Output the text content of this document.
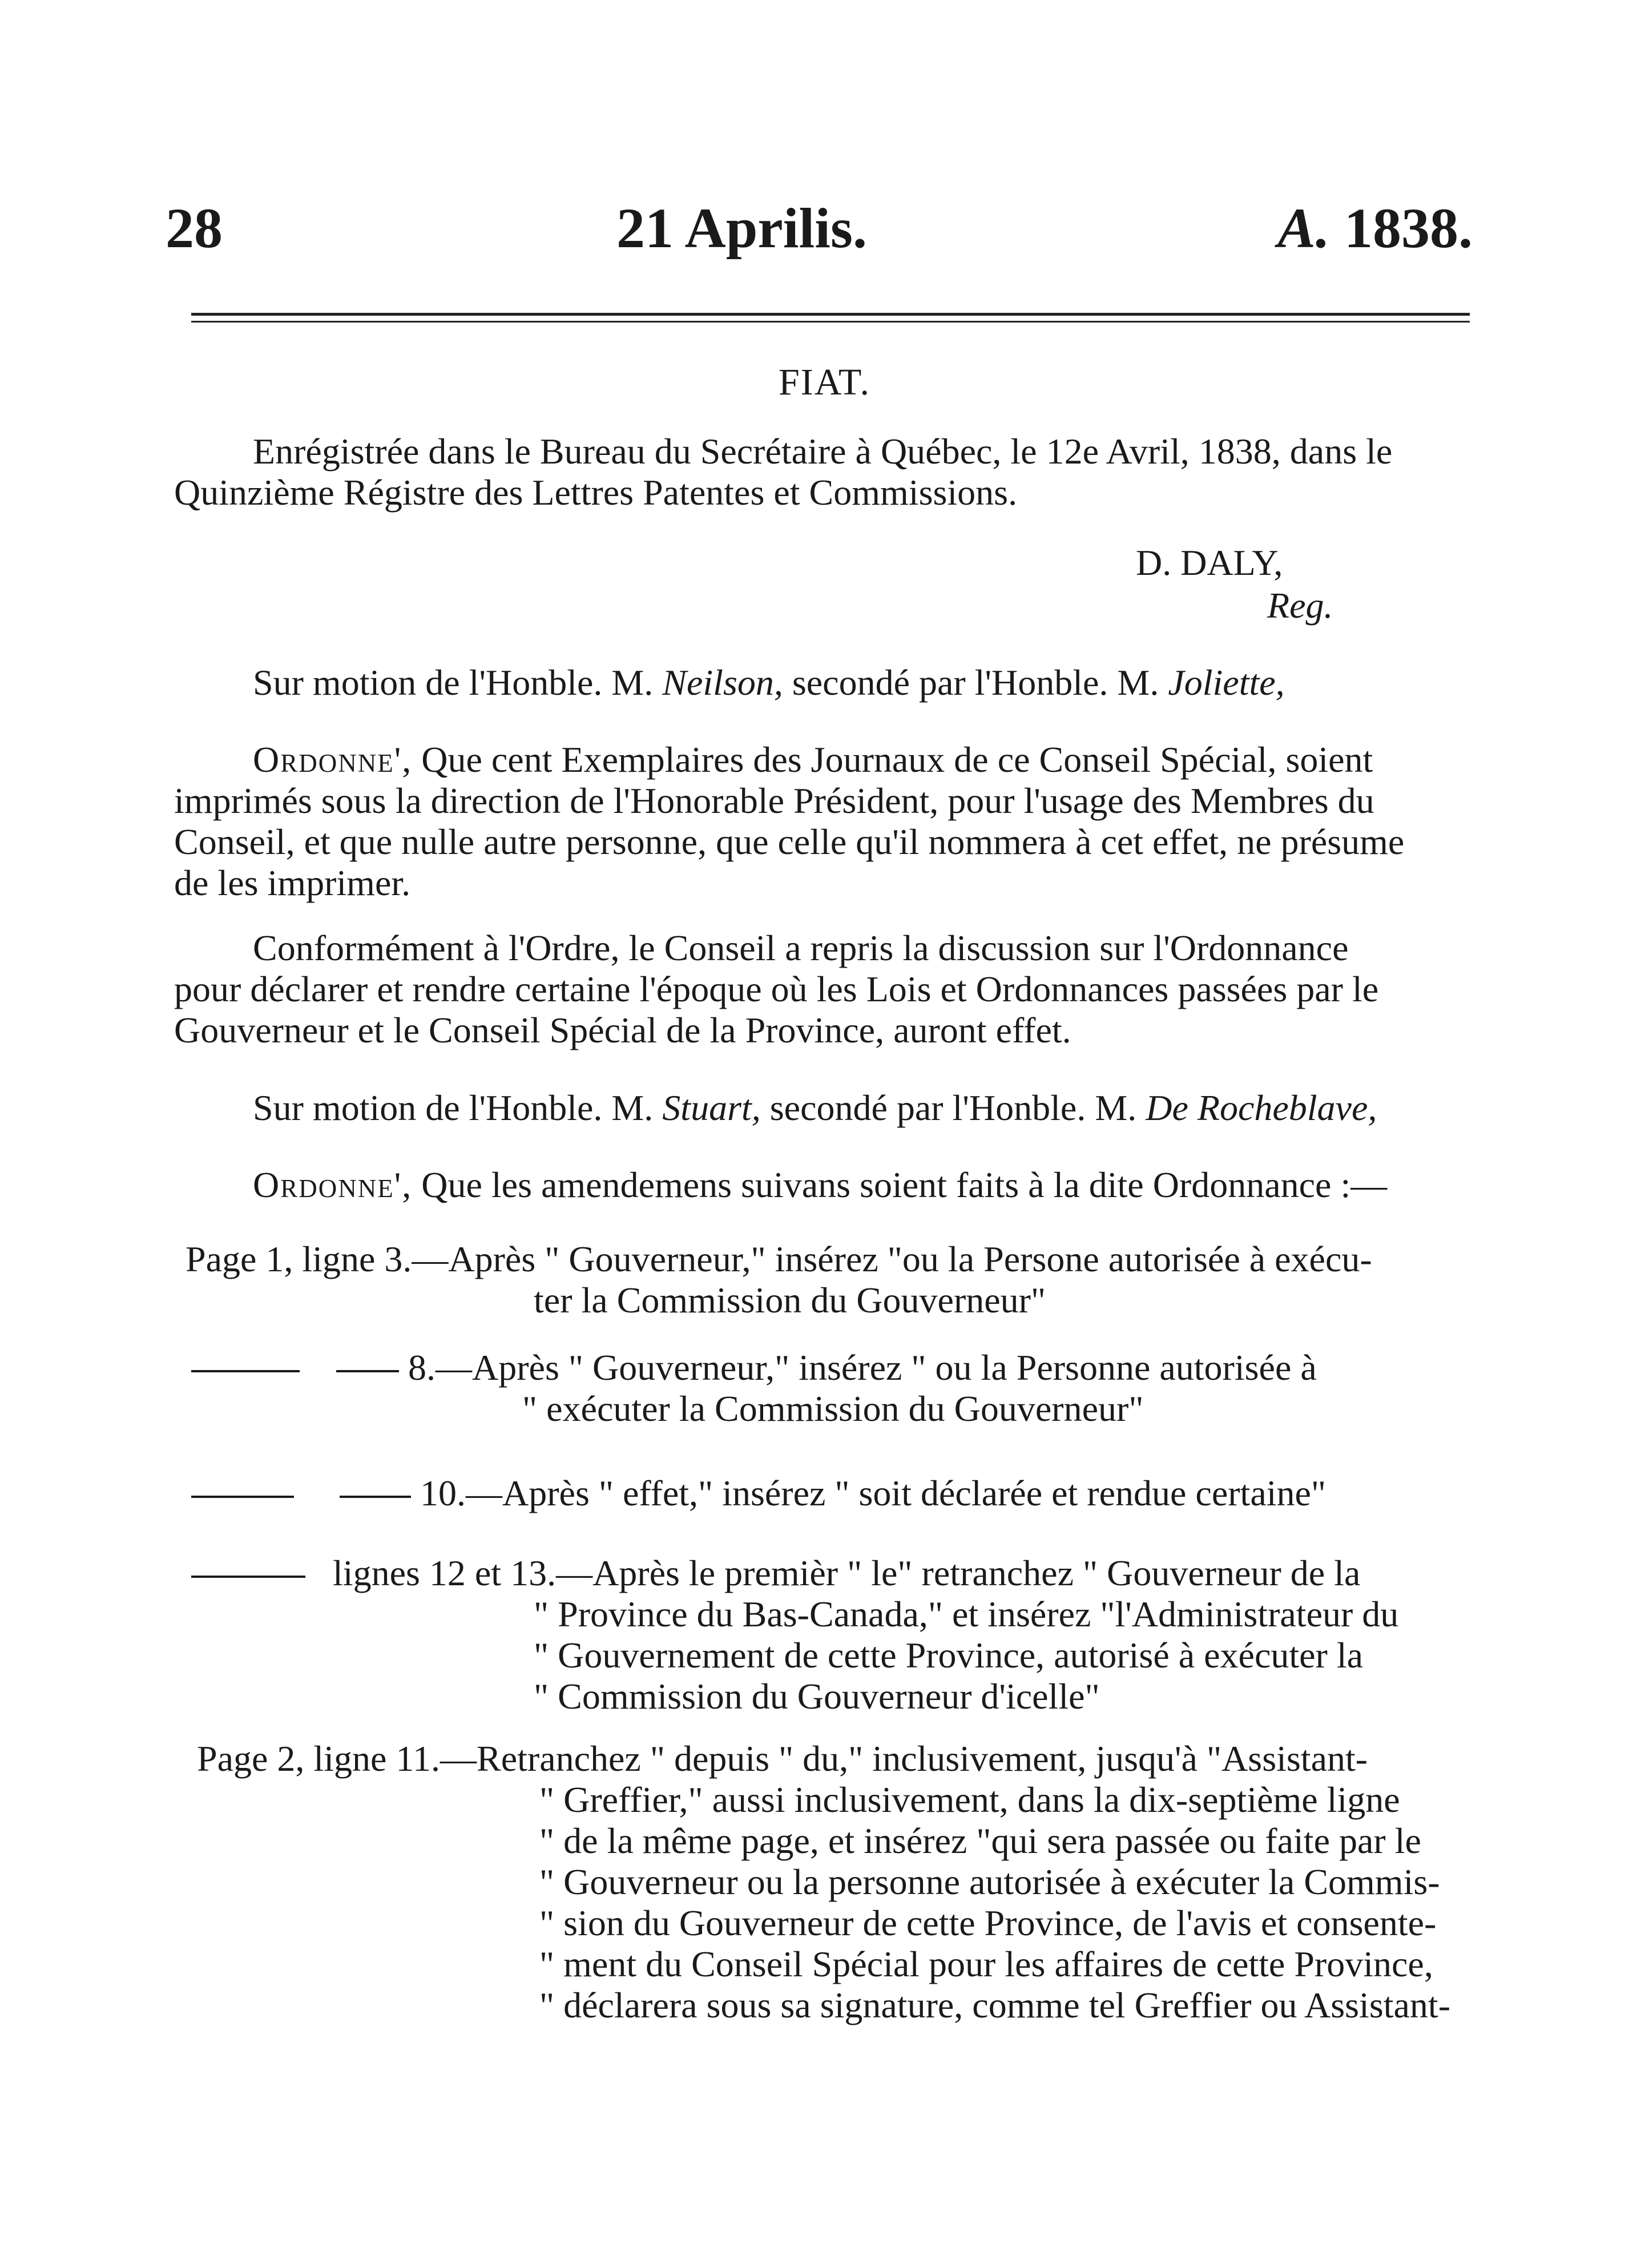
28	21 Aprilis.	A. 1838.
FIAT.
Enrégistrée dans le Bureau du Secrétaire à Québec, le 12e Avril, 1838, dans le
Quinzième Régistre des Lettres Patentes et Commissions.
D. DALY,
Reg.
Sur motion de l'Honble. M. Neilson, secondé par l'Honble. M. Joliette,
Ordonne', Que cent Exemplaires des Journaux de ce Conseil Spécial, soient
imprimés sous la direction de l'Honorable Président, pour l'usage des Membres du
Conseil, et que nulle autre personne, que celle qu'il nommera à cet effet, ne présume
de les imprimer.
Conformément à l'Ordre, le Conseil a repris la discussion sur l'Ordonnance
pour déclarer et rendre certaine l'époque où les Lois et Ordonnances passées par le
Gouverneur et le Conseil Spécial de la Province, auront effet.
Sur motion de l'Honble. M. Stuart, secondé par l'Honble. M. De Rocheblave,
Ordonne', Que les amendemens suivans soient faits à la dite Ordonnance :—
Page 1, ligne 3.—Après " Gouverneur," insérez "ou la Persone autorisée à exécu-
ter la Commission du Gouverneur"
8.—Après " Gouverneur," insérez " ou la Personne autorisée à
" exécuter la Commission du Gouverneur"
10.—Après " effet," insérez " soit déclarée et rendue certaine"
lignes 12 et 13.—Après le premièr " le" retranchez " Gouverneur de la
" Province du Bas-Canada," et insérez "l'Administrateur du
" Gouvernement de cette Province, autorisé à exécuter la
" Commission du Gouverneur d'icelle"
Page 2, ligne 11.—Retranchez " depuis " du," inclusivement, jusqu'à "Assistant-
" Greffier," aussi inclusivement, dans la dix-septième ligne
" de la même page, et insérez "qui sera passée ou faite par le
" Gouverneur ou la personne autorisée à exécuter la Commis-
" sion du Gouverneur de cette Province, de l'avis et consente-
" ment du Conseil Spécial pour les affaires de cette Province,
" déclarera sous sa signature, comme tel Greffier ou Assistant-
